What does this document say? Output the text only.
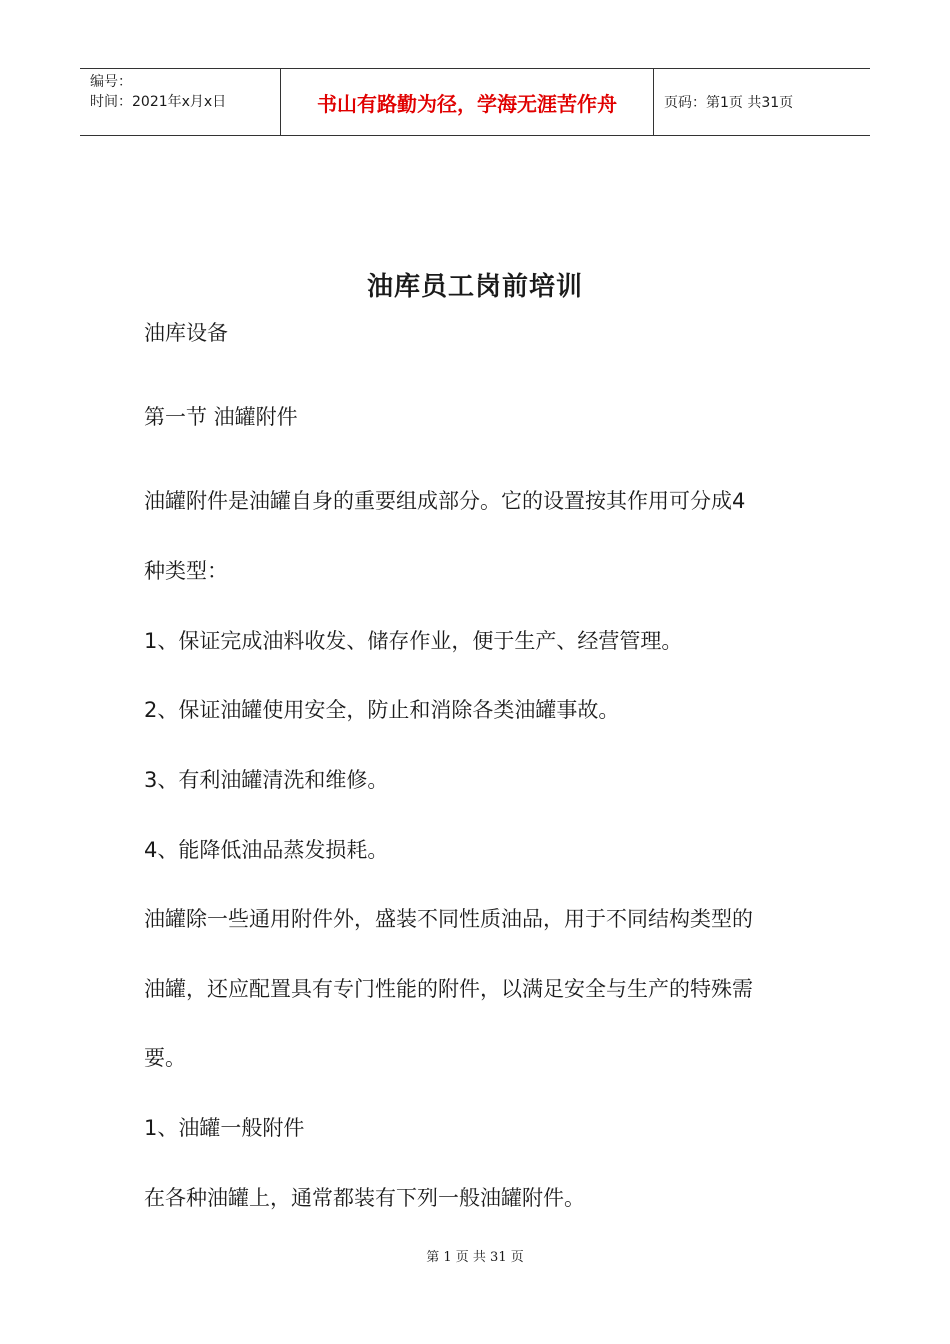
编号：
时间：2021年x月x日	书山有路勤为径，学海无涯苦作舟	页码：第1页 共31页
油库员工岗前培训
油库设备
第一节 油罐附件
油罐附件是油罐自身的重要组成部分。它的设置按其作用可分成4
种类型：
1、保证完成油料收发、储存作业，便于生产、经营管理。
2、保证油罐使用安全，防止和消除各类油罐事故。
3、有利油罐清洗和维修。
4、能降低油品蒸发损耗。
油罐除一些通用附件外，盛装不同性质油品，用于不同结构类型的
油罐，还应配置具有专门性能的附件，以满足安全与生产的特殊需
要。
1、油罐一般附件
在各种油罐上，通常都装有下列一般油罐附件。
第 1 页 共 31 页
